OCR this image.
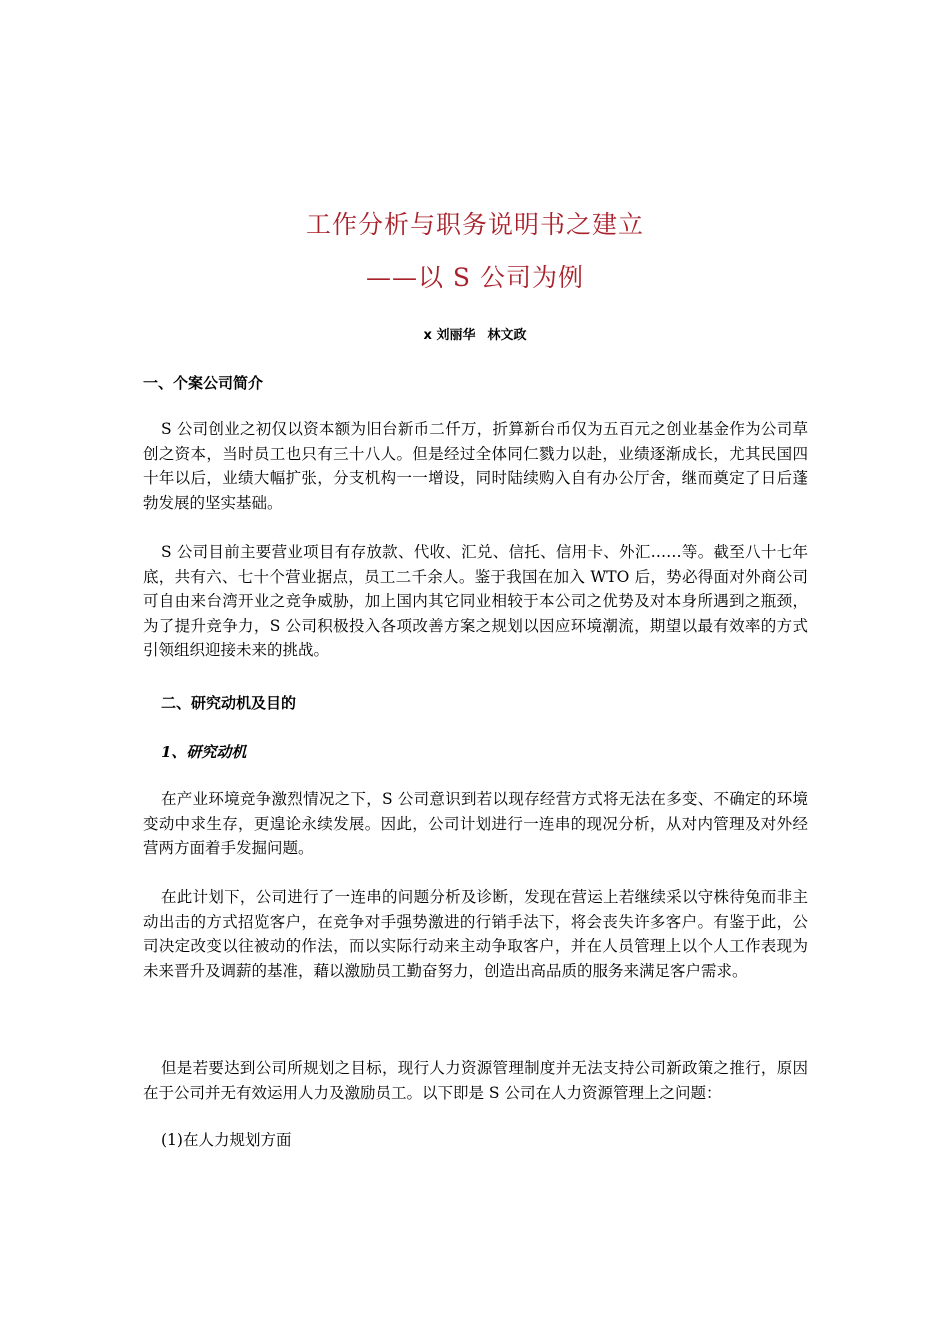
工作分析与职务说明书之建立
——以 S 公司为例
x 刘丽华 林文政
一、个案公司简介

S 公司创业之初仅以资本额为旧台新币二仟万，折算新台币仅为五百元之创业基金作为公司草创之资本，当时员工也只有三十八人。但是经过全体同仁戮力以赴，业绩逐渐成长，尤其民国四十年以后，业绩大幅扩张，分支机构一一增设，同时陆续购入自有办公厅舍，继而奠定了日后蓬勃发展的坚实基础。

S 公司目前主要营业项目有存放款、代收、汇兑、信托、信用卡、外汇……等。截至八十七年底，共有六、七十个营业据点，员工二千余人。鉴于我国在加入 WTO 后，势必得面对外商公司可自由来台湾开业之竞争威胁，加上国内其它同业相较于本公司之优势及对本身所遇到之瓶颈，为了提升竞争力，S 公司积极投入各项改善方案之规划以因应环境潮流，期望以最有效率的方式引领组织迎接未来的挑战。

二、研究动机及目的
1、研究动机

在产业环境竞争激烈情况之下，S 公司意识到若以现存经营方式将无法在多变、不确定的环境变动中求生存，更遑论永续发展。因此，公司计划进行一连串的现况分析，从对内管理及对外经营两方面着手发掘问题。

在此计划下，公司进行了一连串的问题分析及诊断，发现在营运上若继续采以守株待兔而非主动出击的方式招览客户，在竞争对手强势激进的行销手法下，将会丧失许多客户。有鉴于此，公司决定改变以往被动的作法，而以实际行动来主动争取客户，并在人员管理上以个人工作表现为未来晋升及调薪的基准，藉以激励员工勤奋努力，创造出高品质的服务来满足客户需求。

但是若要达到公司所规划之目标，现行人力资源管理制度并无法支持公司新政策之推行，原因在于公司并无有效运用人力及激励员工。以下即是 S 公司在人力资源管理上之问题：

(1)在人力规划方面
